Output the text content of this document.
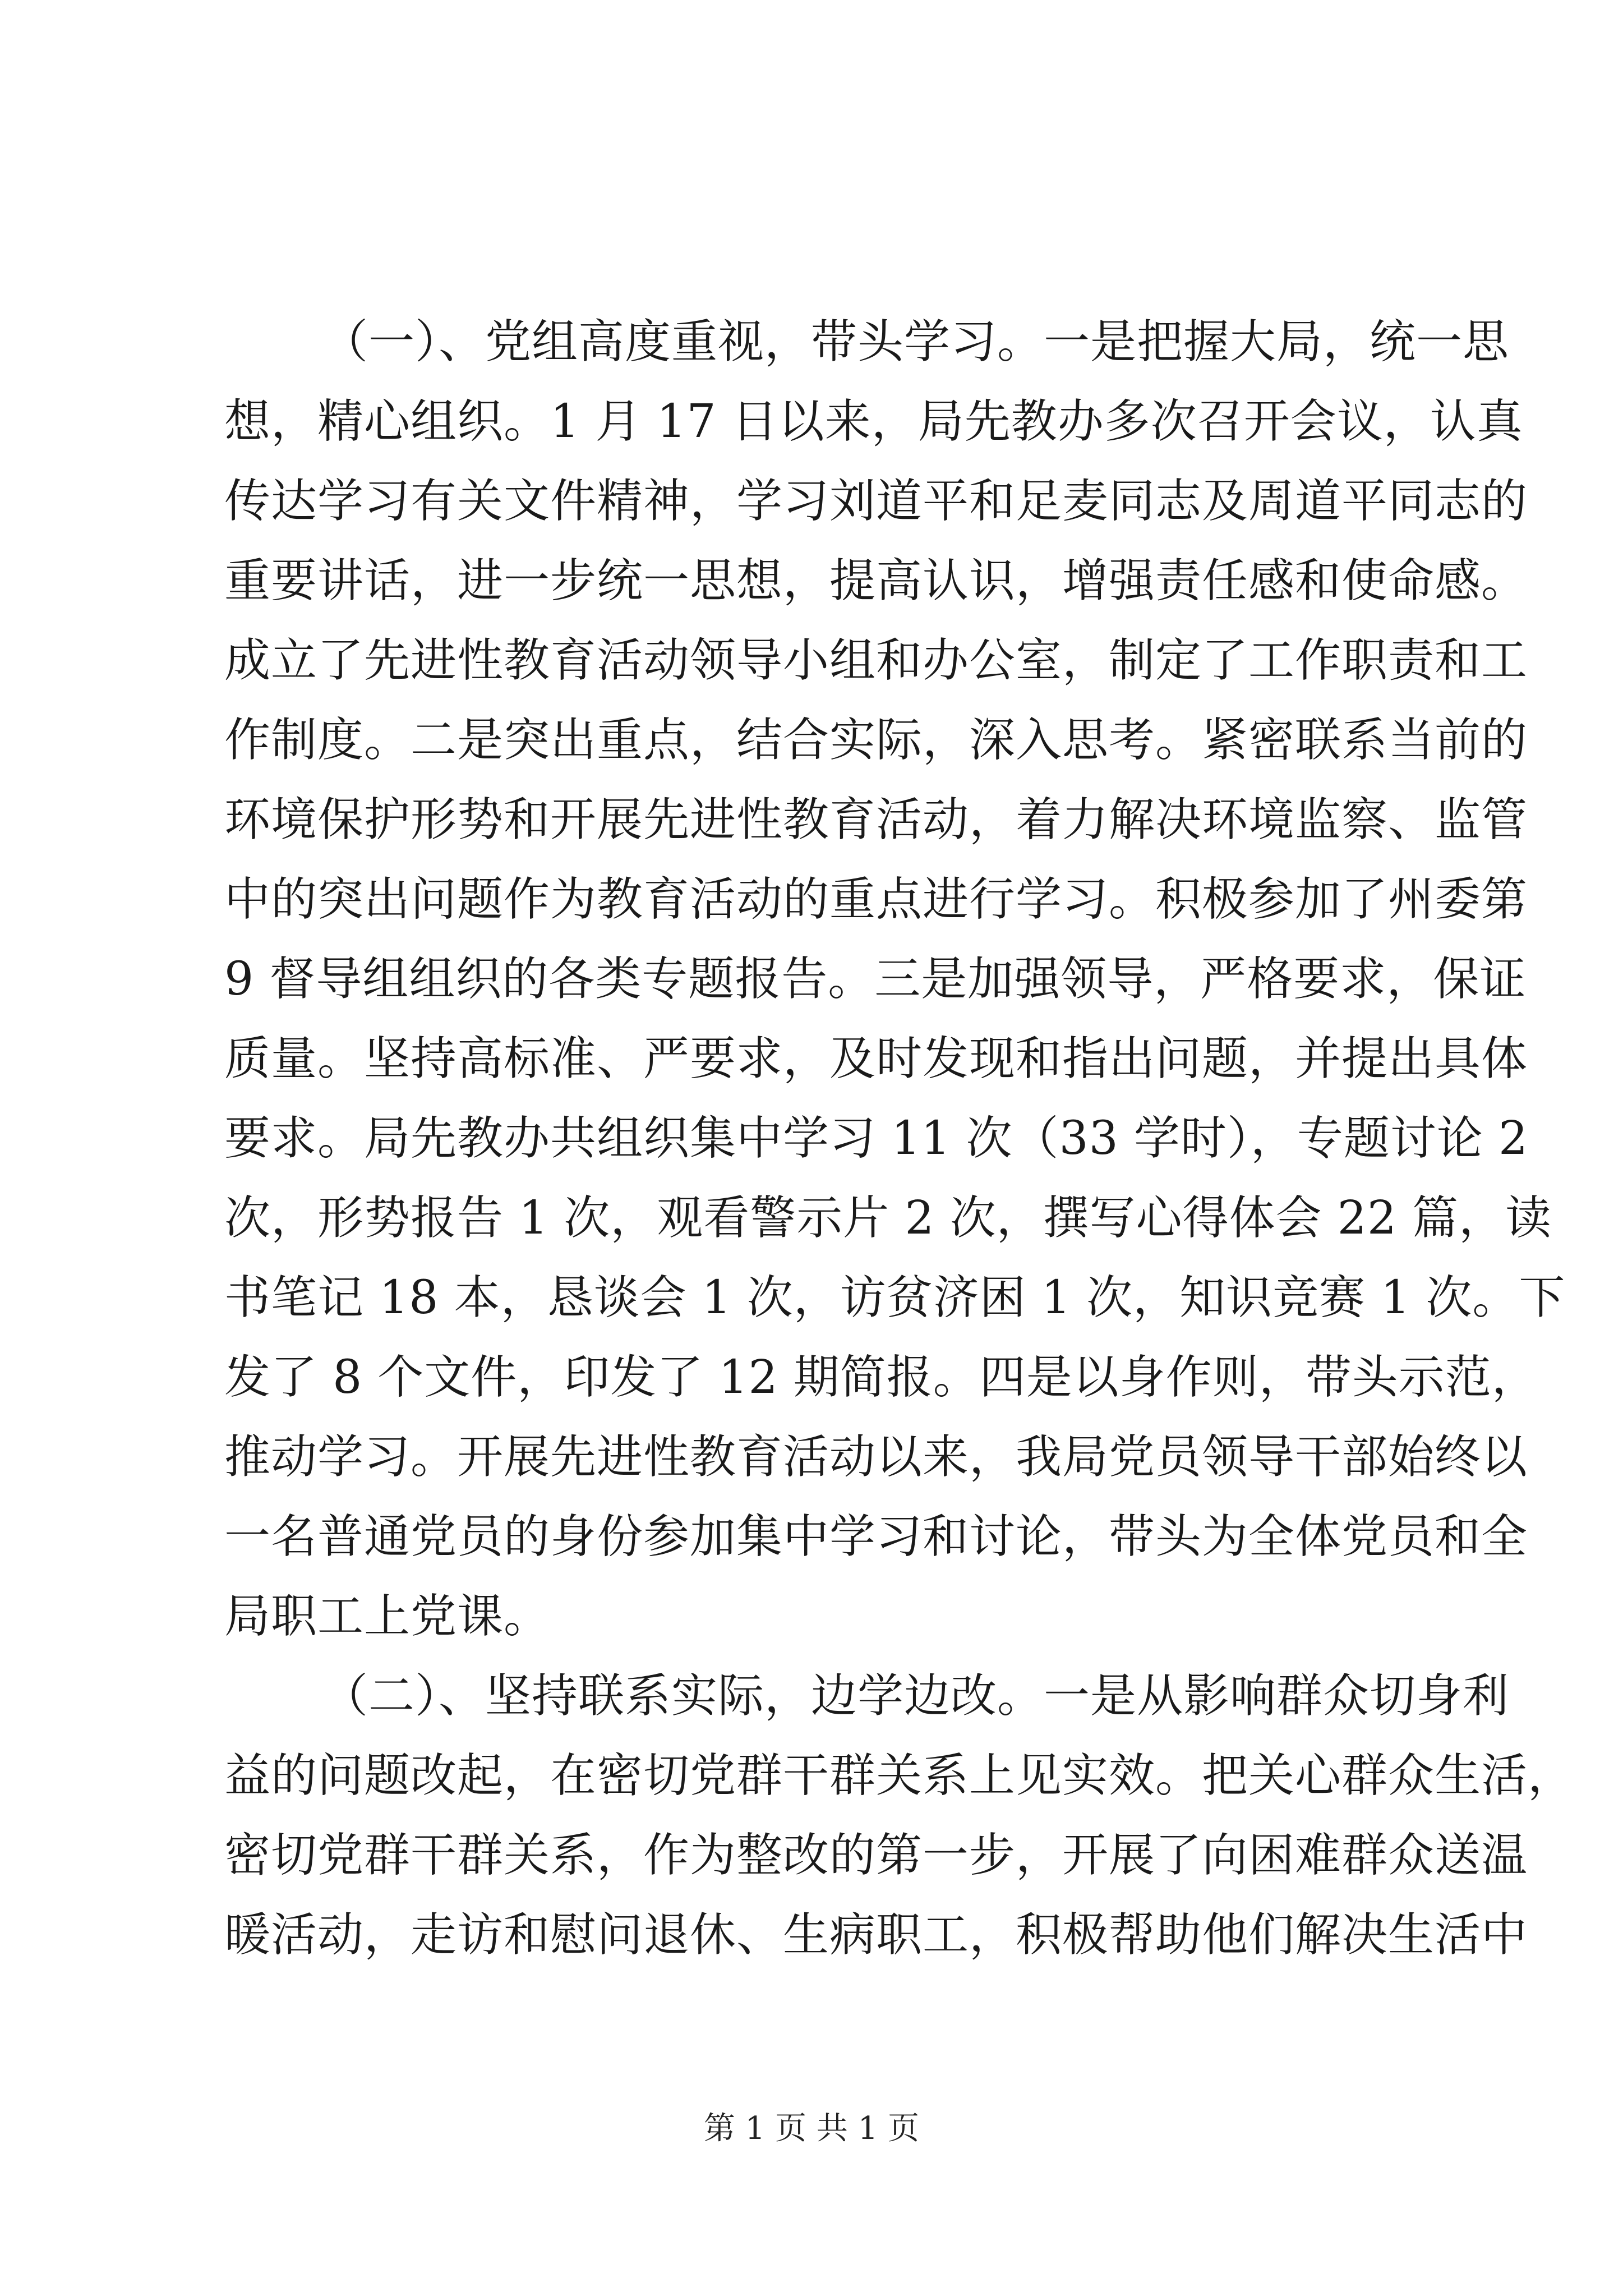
（一）、党组高度重视，带头学习。一是把握大局，统一思
想，精心组织。1 月 17 日以来，局先教办多次召开会议，认真
传达学习有关文件精神，学习刘道平和足麦同志及周道平同志的
重要讲话，进一步统一思想，提高认识，增强责任感和使命感。
成立了先进性教育活动领导小组和办公室，制定了工作职责和工
作制度。二是突出重点，结合实际，深入思考。紧密联系当前的
环境保护形势和开展先进性教育活动，着力解决环境监察、监管
中的突出问题作为教育活动的重点进行学习。积极参加了州委第
9 督导组组织的各类专题报告。三是加强领导，严格要求，保证
质量。坚持高标准、严要求，及时发现和指出问题，并提出具体
要求。局先教办共组织集中学习 11 次（33 学时），专题讨论 2
次，形势报告 1 次，观看警示片 2 次，撰写心得体会 22 篇，读
书笔记 18 本，恳谈会 1 次，访贫济困 1 次，知识竞赛 1 次。下
发了 8 个文件，印发了 12 期简报。四是以身作则，带头示范，
推动学习。开展先进性教育活动以来，我局党员领导干部始终以
一名普通党员的身份参加集中学习和讨论，带头为全体党员和全
局职工上党课。
（二）、坚持联系实际，边学边改。一是从影响群众切身利
益的问题改起，在密切党群干群关系上见实效。把关心群众生活，
密切党群干群关系，作为整改的第一步，开展了向困难群众送温
暖活动，走访和慰问退休、生病职工，积极帮助他们解决生活中
第 1 页 共 1 页
